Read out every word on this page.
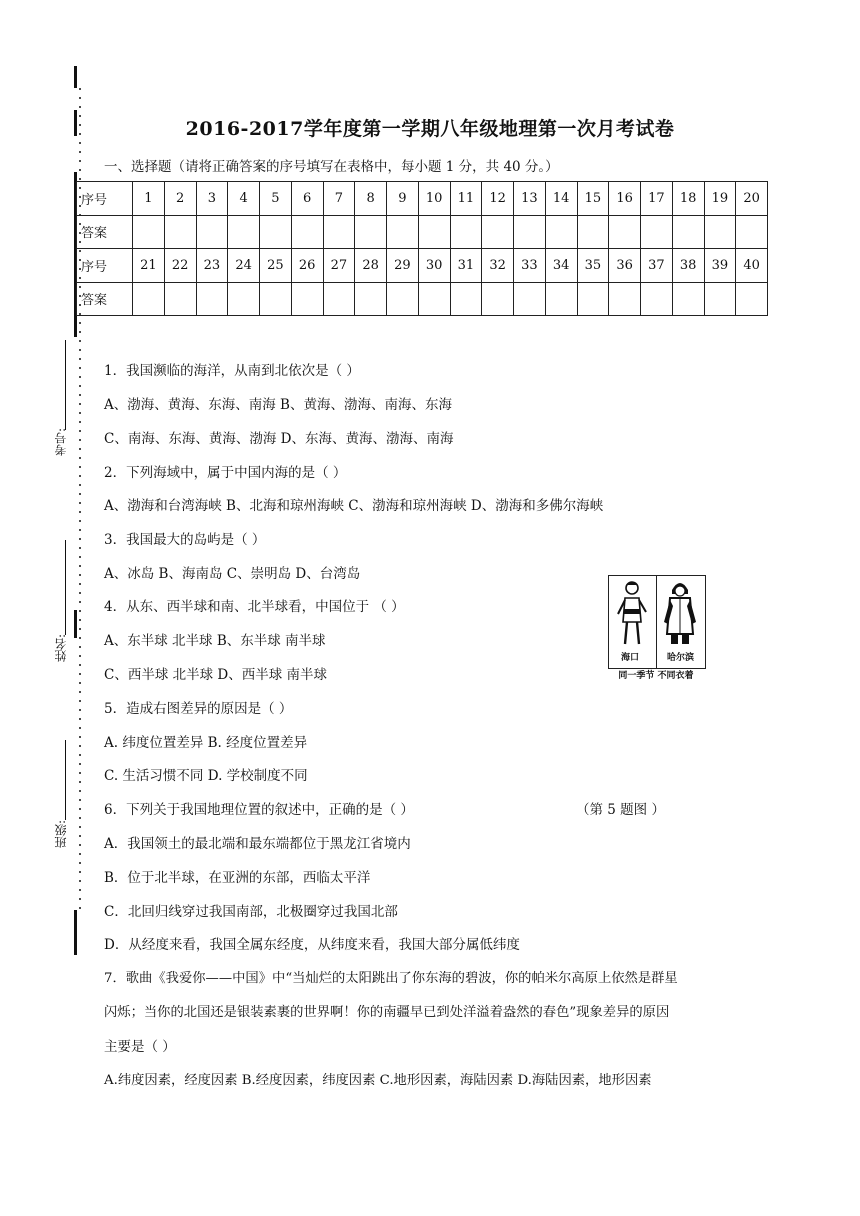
考号:
姓名:
班级:
2016-2017学年度第一学期八年级地理第一次月考试卷
一、选择题（请将正确答案的序号填写在表格中，每小题 1 分，共 40 分。）
序号	1	2	3	4	5	6	7	8	9	10	11	12	13	14	15	16	17	18	19	20
答案																				
序号	21	22	23	24	25	26	27	28	29	30	31	32	33	34	35	36	37	38	39	40
答案																				
1．我国濒临的海洋，从南到北依次是（ ）
A、渤海、黄海、东海、南海 B、黄海、渤海、南海、东海
C、南海、东海、黄海、渤海 D、东海、黄海、渤海、南海
2．下列海域中，属于中国内海的是（ ）
A、渤海和台湾海峡 B、北海和琼州海峡 C、渤海和琼州海峡 D、渤海和多佛尔海峡
3．我国最大的岛屿是（ ）
A、冰岛 B、海南岛 C、崇明岛 D、台湾岛
4．从东、西半球和南、北半球看，中国位于 （ ）
A、东半球 北半球 B、东半球 南半球
C、西半球 北半球 D、西半球 南半球
5．造成右图差异的原因是（ ）
A. 纬度位置差异 B. 经度位置差异
C. 生活习惯不同 D. 学校制度不同
6．下列关于我国地理位置的叙述中，正确的是（ ）	（第 5 题图 ）
A．我国领土的最北端和最东端都位于黑龙江省境内
B．位于北半球，在亚洲的东部，西临太平洋
C．北回归线穿过我国南部，北极圈穿过我国北部
D．从经度来看，我国全属东经度，从纬度来看，我国大部分属低纬度
7．歌曲《我爱你——中国》中“当灿烂的太阳跳出了你东海的碧波，你的帕米尔高原上依然是群星
闪烁；当你的北国还是银装素裹的世界啊！你的南疆早已到处洋溢着盎然的春色”现象差异的原因
主要是（ ）
A.纬度因素，经度因素 B.经度因素，纬度因素 C.地形因素，海陆因素 D.海陆因素，地形因素
海口	哈尔滨
同一季节 不同衣着
